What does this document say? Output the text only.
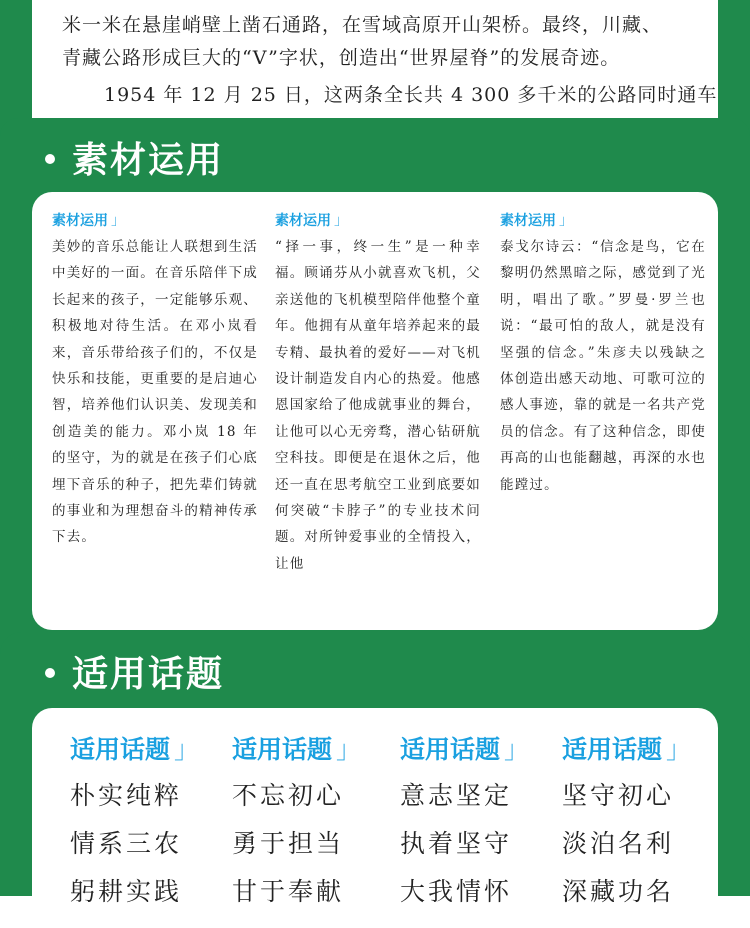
米一米在悬崖峭壁上凿石通路，在雪域高原开山架桥。最终，川藏、

青藏公路形成巨大的“V”字状，创造出“世界屋脊”的发展奇迹。

1954 年 12 月 25 日，这两条全长共 4 300 多千米的公路同时通车

素材运用
素材运用 」
美妙的音乐总能让人联想到生活中美好的一面。在音乐陪伴下成长起来的孩子，一定能够乐观、积极地对待生活。在邓小岚看来，音乐带给孩子们的，不仅是快乐和技能，更重要的是启迪心智，培养他们认识美、发现美和创造美的能力。邓小岚 18 年的坚守，为的就是在孩子们心底埋下音乐的种子，把先辈们铸就的事业和为理想奋斗的精神传承下去。
素材运用 」
“择一事，终一生”是一种幸福。顾诵芬从小就喜欢飞机，父亲送他的飞机模型陪伴他整个童年。他拥有从童年培养起来的最专精、最执着的爱好——对飞机设计制造发自内心的热爱。他感恩国家给了他成就事业的舞台，让他可以心无旁骛，潜心钻研航空科技。即便是在退休之后，他还一直在思考航空工业到底要如何突破“卡脖子”的专业技术问题。对所钟爱事业的全情投入，让他
素材运用 」
泰戈尔诗云：“信念是鸟，它在黎明仍然黑暗之际，感觉到了光明，唱出了歌。”罗曼·罗兰也说：“最可怕的敌人，就是没有坚强的信念。”朱彦夫以残缺之体创造出感天动地、可歌可泣的感人事迹，靠的就是一名共产党员的信念。有了这种信念，即使再高的山也能翻越，再深的水也能蹚过。
适用话题
适用话题 」
朴实纯粹
情系三农
躬耕实践
适用话题 」
不忘初心
勇于担当
甘于奉献
适用话题 」
意志坚定
执着坚守
大我情怀
适用话题 」
坚守初心
淡泊名利
深藏功名
